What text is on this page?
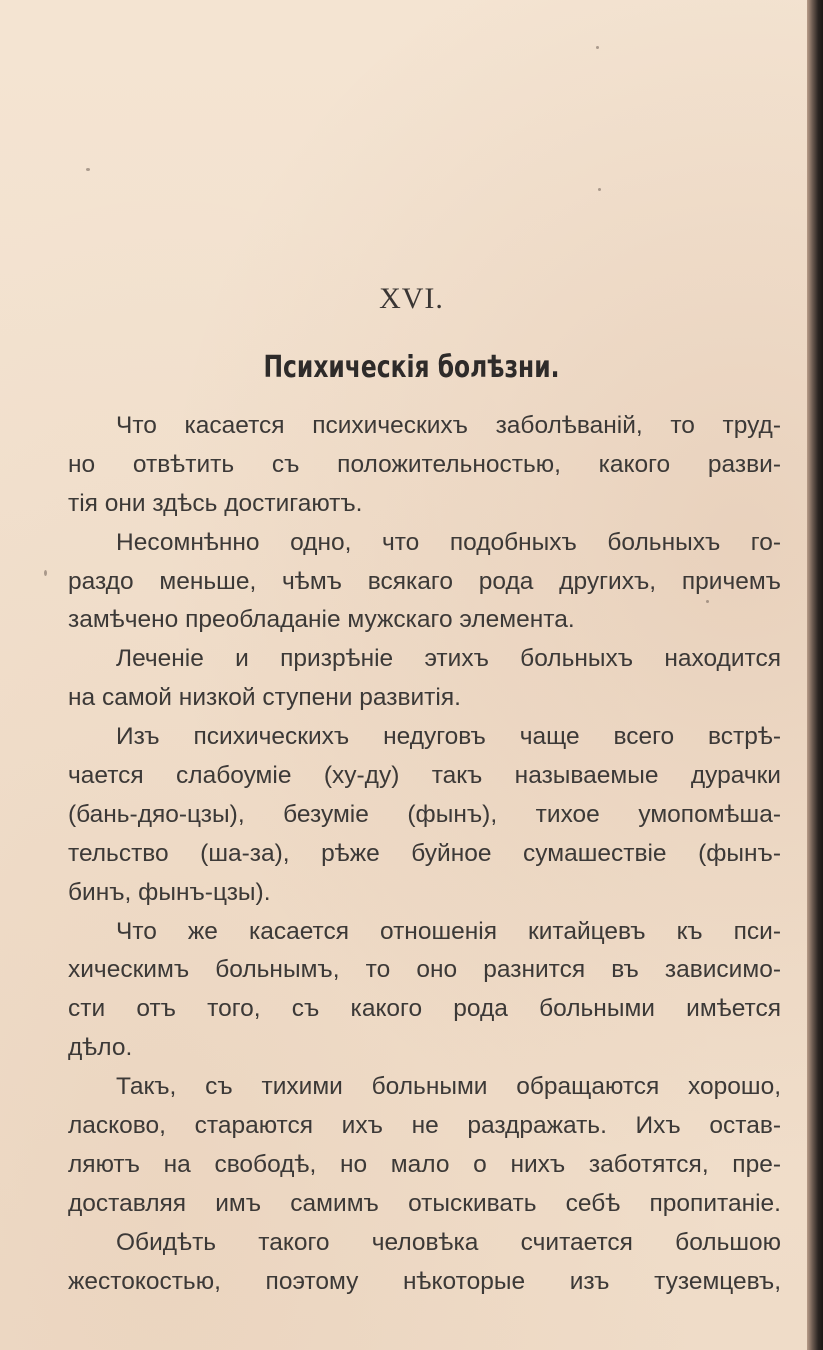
XVI.
Психическія болѣзни.
Что касается психическихъ заболѣваній, то труд-
но отвѣтить съ положительностью, какого разви-
тія они здѣсь достигаютъ.
Несомнѣнно одно, что подобныхъ больныхъ го-
раздо меньше, чѣмъ всякаго рода другихъ, причемъ
замѣчено преобладаніе мужскаго элемента.
Леченіе и призрѣніе этихъ больныхъ находится
на самой низкой ступени развитія.
Изъ психическихъ недуговъ чаще всего встрѣ-
чается слабоуміе (ху-ду) такъ называемые дурачки
(бань-дяо-цзы), безуміе (фынъ), тихое умопомѣша-
тельство (ша-за), рѣже буйное сумашествіе (фынъ-
бинъ, фынъ-цзы).
Что же касается отношенія китайцевъ къ пси-
хическимъ больнымъ, то оно разнится въ зависимо-
сти отъ того, съ какого рода больными имѣется
дѣло.
Такъ, съ тихими больными обращаются хорошо,
ласково, стараются ихъ не раздражать. Ихъ остав-
ляютъ на свободѣ, но мало о нихъ заботятся, пре-
доставляя имъ самимъ отыскивать себѣ пропитаніе.
Обидѣть такого человѣка считается большою
жестокостью, поэтому нѣкоторые изъ туземцевъ,
